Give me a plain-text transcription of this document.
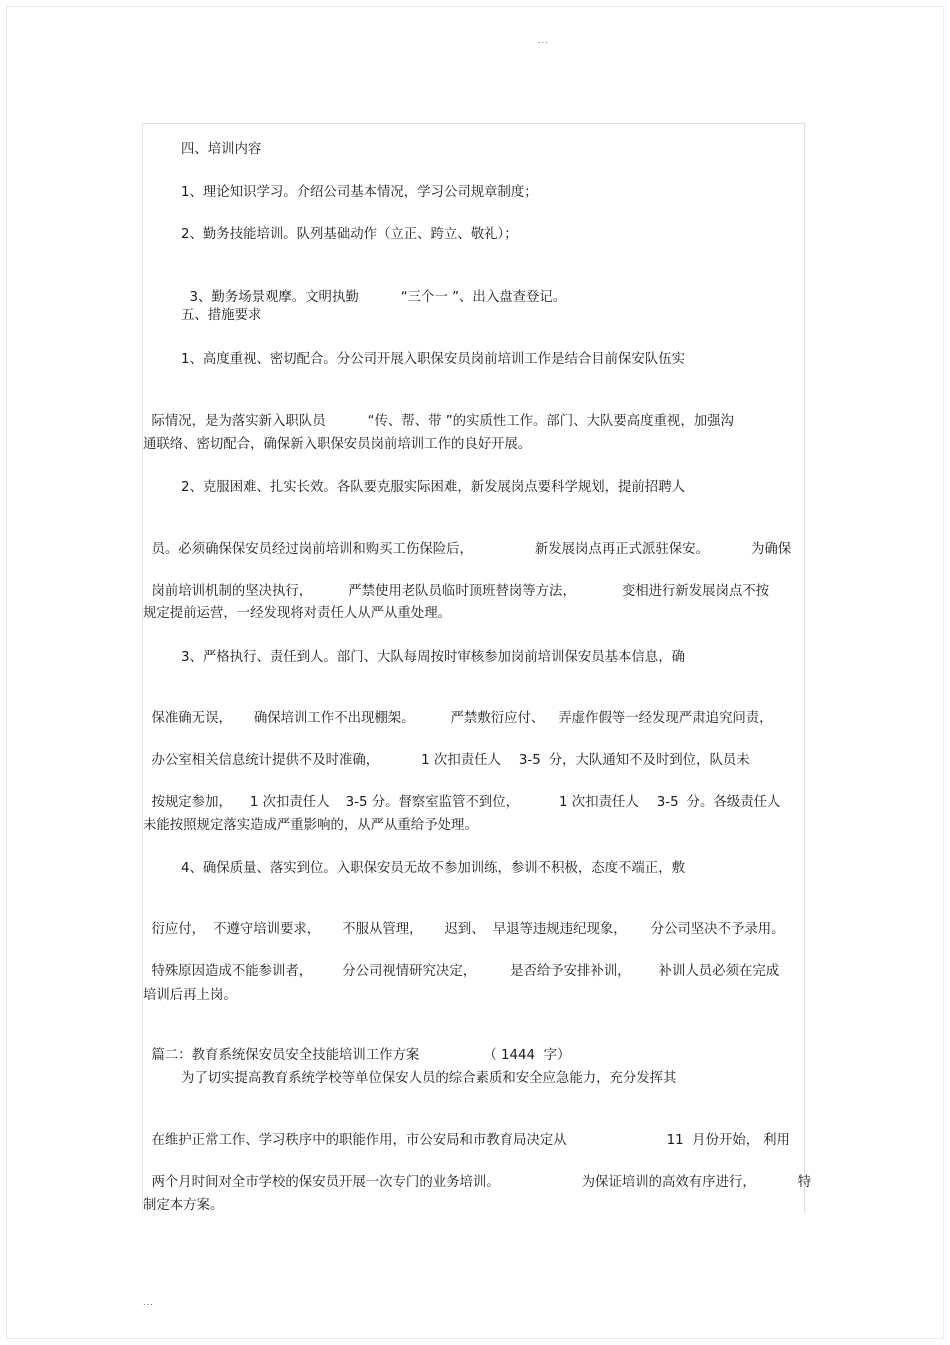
...
...

四、培训内容

1、理论知识学习。介绍公司基本情况，学习公司规章制度；

2、勤务技能培训。队列基础动作（立正、跨立、敬礼）；

3、勤务场景观摩。文明执勤	“三个一 ”、出入盘查登记。

五、措施要求

1、高度重视、密切配合。分公司开展入职保安员岗前培训工作是结合目前保安队伍实

际情况，是为落实新入职队员	“传、帮、带 ”的实质性工作。部门、大队要高度重视，加强沟

通联络、密切配合，确保新入职保安员岗前培训工作的良好开展。

2、克服困难、扎实长效。各队要克服实际困难，新发展岗点要科学规划，提前招聘人

员。必须确保保安员经过岗前培训和购买工伤保险后，	新发展岗点再正式派驻保安。	为确保

岗前培训机制的坚决执行，	严禁使用老队员临时顶班替岗等方法，	变相进行新发展岗点不按

规定提前运营，一经发现将对责任人从严从重处理。

3、严格执行、责任到人。部门、大队每周按时审核参加岗前培训保安员基本信息，确

保准确无误， 确保培训工作不出现棚架。	严禁敷衍应付、 弄虚作假等一经发现严肃追究问责，

办公室相关信息统计提供不及时准确，	1 次扣责任人 3-5 分，大队通知不及时到位，队员未

按规定参加， 1 次扣责任人 3-5 分。督察室监管不到位，	1 次扣责任人 3-5 分。各级责任人

未能按照规定落实造成严重影响的，从严从重给予处理。

4、确保质量、落实到位。入职保安员无故不参加训练，参训不积极，态度不端正，敷

衍应付， 不遵守培训要求， 不服从管理， 迟到、 早退等违规违纪现象， 分公司坚决不予录用。

特殊原因造成不能参训者， 分公司视情研究决定，	是否给予安排补训， 补训人员必须在完成

培训后再上岗。

篇二：教育系统保安员安全技能培训工作方案	（ 1444  字）

为了切实提高教育系统学校等单位保安人员的综合素质和安全应急能力，充分发挥其

在维护正常工作、学习秩序中的职能作用，市公安局和市教育局决定从	11  月份开始， 利用

两个月时间对全市学校的保安员开展一次专门的业务培训。	为保证培训的高效有序进行，	特

制定本方案。
